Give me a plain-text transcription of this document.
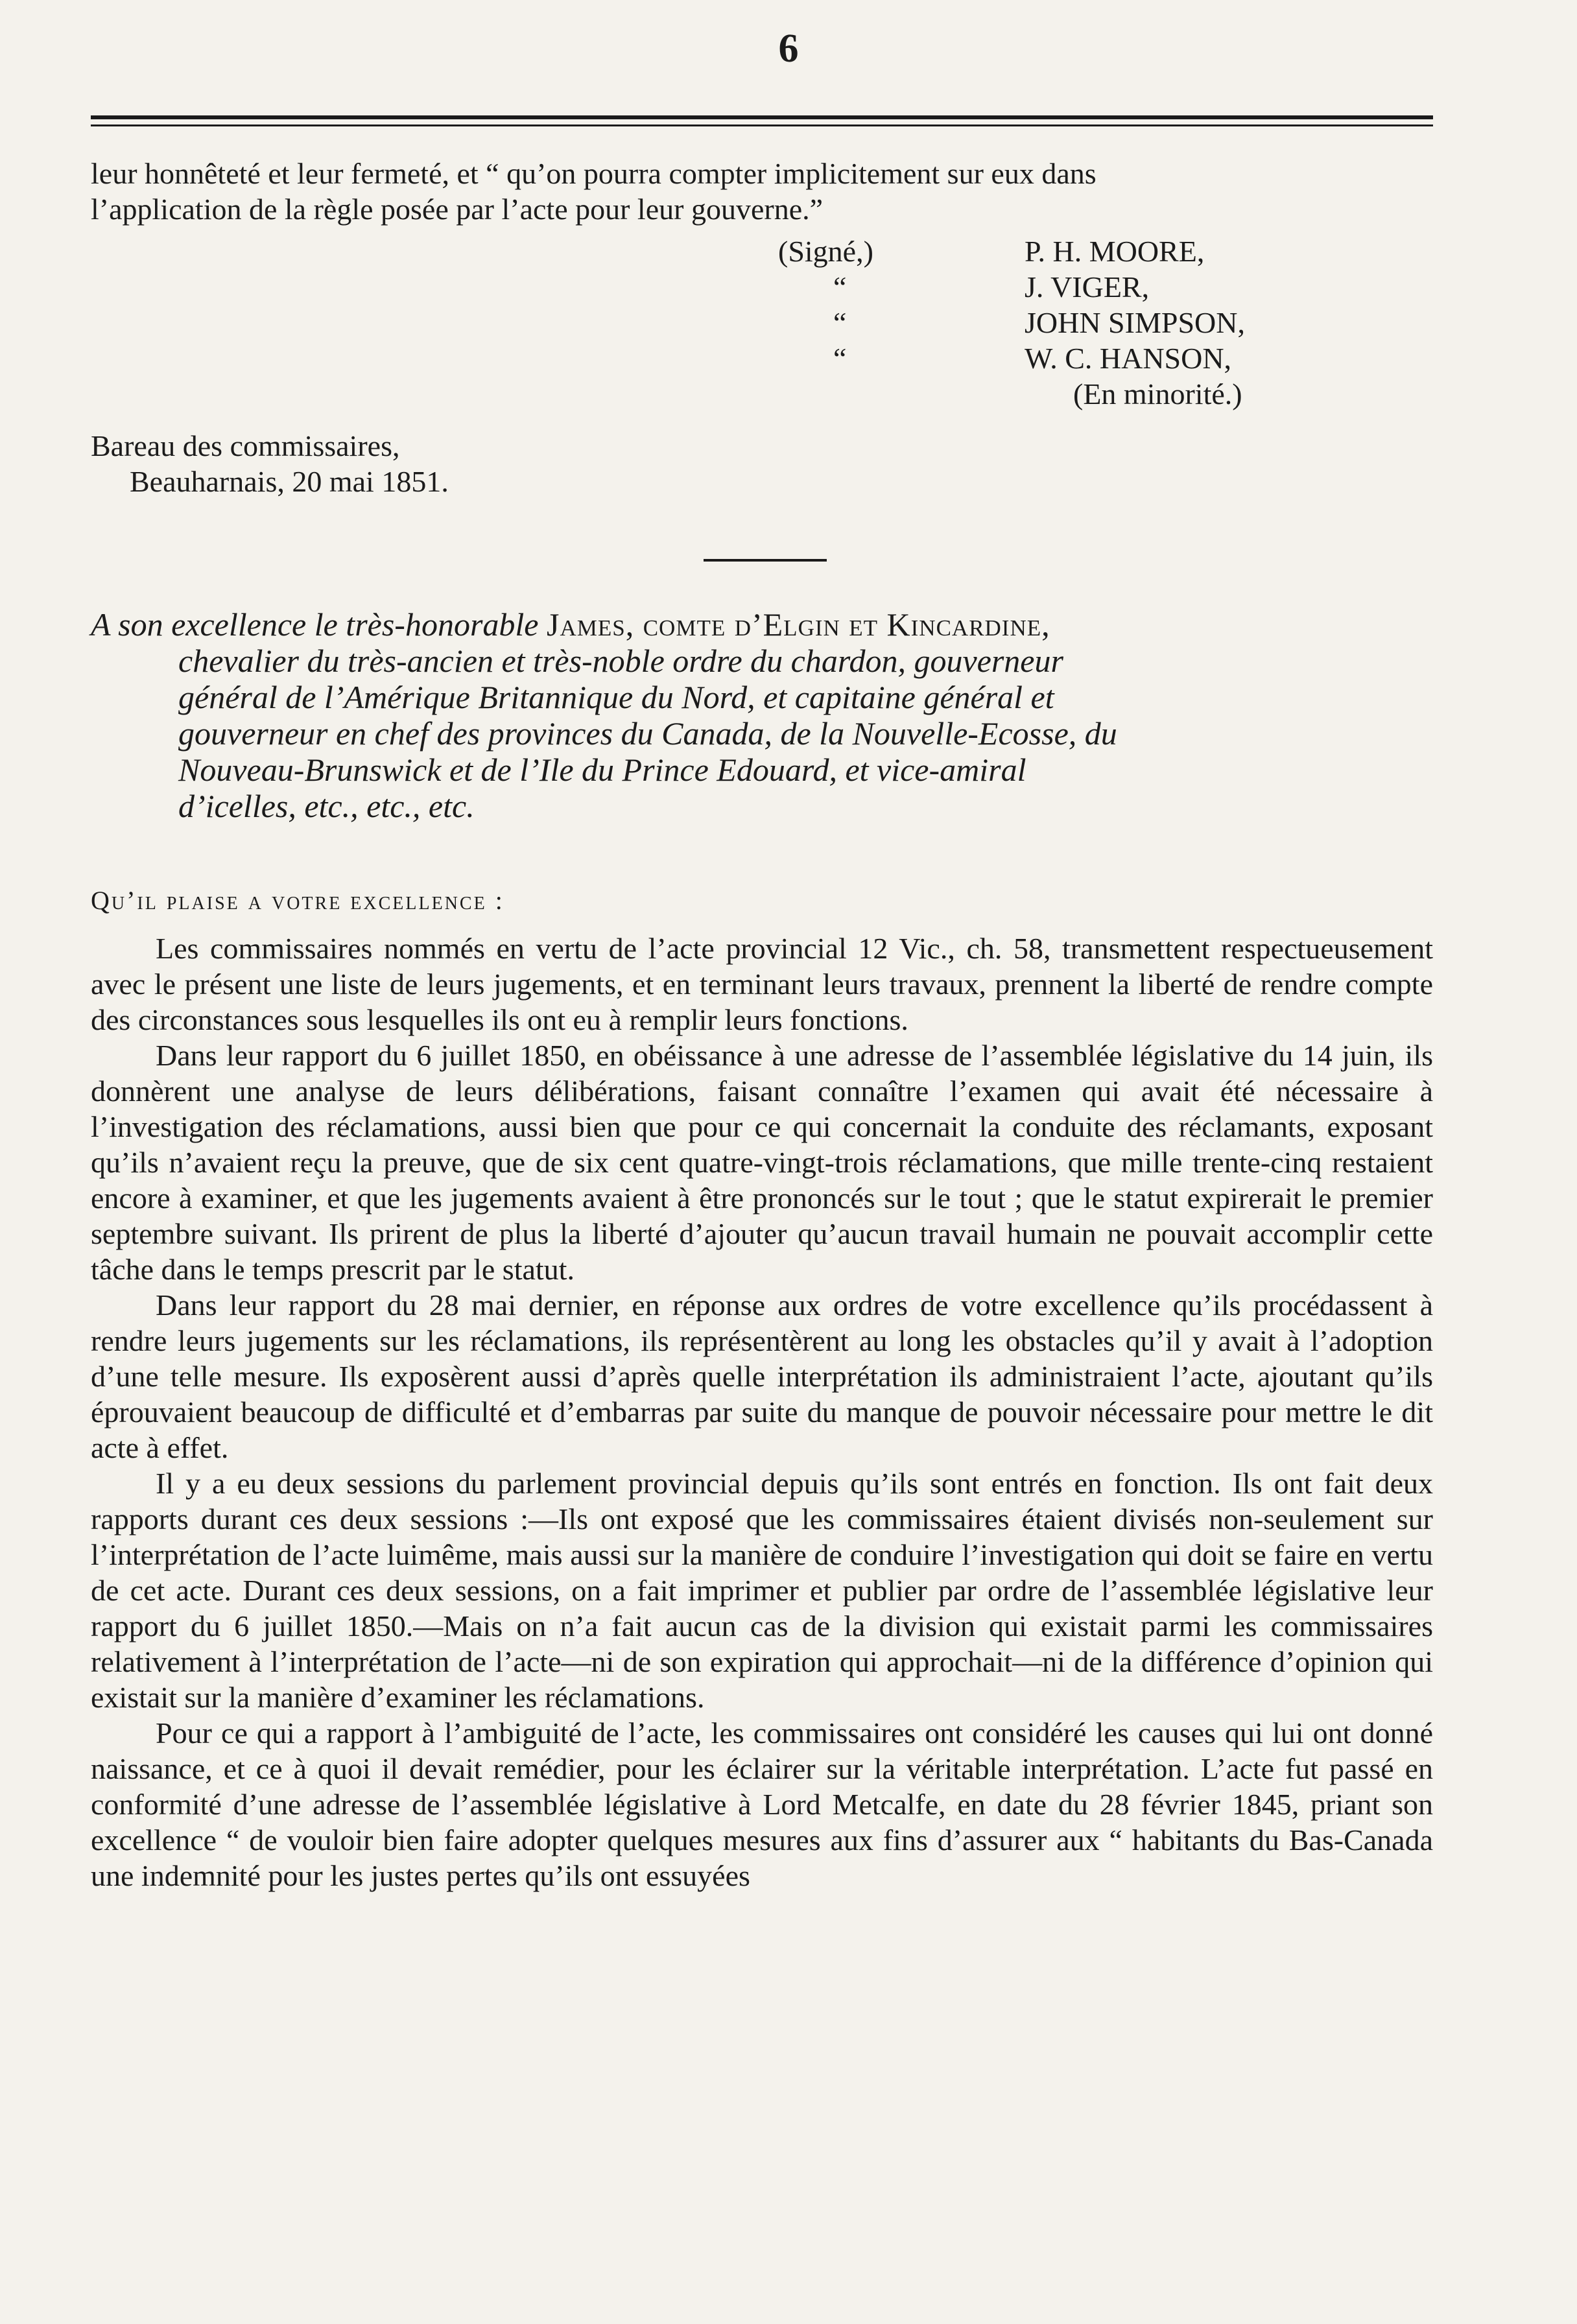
6

leur honnêteté et leur fermeté, et “ qu’on pourra compter implicitement sur eux dans

l’application de la règle posée par l’acte pour leur gouverne.”

(Signé,)	P. H. MOORE,
“	J. VIGER,
“	JOHN SIMPSON,
“	W. C. HANSON,
(En minorité.)
Bareau des commissaires,
Beauharnais, 20 mai 1851.
A son excellence le très-honorable James, comte d’Elgin et Kincardine,
chevalier du très-ancien et très-noble ordre du chardon, gouverneur
général de l’Amérique Britannique du Nord, et capitaine général et
gouverneur en chef des provinces du Canada, de la Nouvelle-Ecosse, du
Nouveau-Brunswick et de l’Ile du Prince Edouard, et vice-amiral
d’icelles, etc., etc., etc.
Qu’il plaise a votre excellence :

Les commissaires nommés en vertu de l’acte provincial 12 Vic., ch. 58, transmettent respectueusement avec le présent une liste de leurs jugements, et en terminant leurs travaux, prennent la liberté de rendre compte des circonstances sous lesquelles ils ont eu à remplir leurs fonctions.

Dans leur rapport du 6 juillet 1850, en obéissance à une adresse de l’assemblée législative du 14 juin, ils donnèrent une analyse de leurs délibérations, faisant connaître l’examen qui avait été nécessaire à l’investigation des réclamations, aussi bien que pour ce qui concernait la conduite des réclamants, exposant qu’ils n’avaient reçu la preuve, que de six cent quatre-vingt-trois réclamations, que mille trente-cinq restaient encore à examiner, et que les jugements avaient à être prononcés sur le tout ; que le statut expirerait le premier septembre suivant. Ils prirent de plus la liberté d’ajouter qu’aucun travail humain ne pouvait accomplir cette tâche dans le temps prescrit par le statut.

Dans leur rapport du 28 mai dernier, en réponse aux ordres de votre excellence qu’ils procédassent à rendre leurs jugements sur les réclamations, ils représentèrent au long les obstacles qu’il y avait à l’adoption d’une telle mesure. Ils exposèrent aussi d’après quelle interprétation ils administraient l’acte, ajoutant qu’ils éprouvaient beaucoup de difficulté et d’embarras par suite du manque de pouvoir nécessaire pour mettre le dit acte à effet.

Il y a eu deux sessions du parlement provincial depuis qu’ils sont entrés en fonction. Ils ont fait deux rapports durant ces deux sessions :—Ils ont exposé que les commissaires étaient divisés non-seulement sur l’interprétation de l’acte luimême, mais aussi sur la manière de conduire l’investigation qui doit se faire en vertu de cet acte. Durant ces deux sessions, on a fait imprimer et publier par ordre de l’assemblée législative leur rapport du 6 juillet 1850.—Mais on n’a fait aucun cas de la division qui existait parmi les commissaires relativement à l’interprétation de l’acte—ni de son expiration qui approchait—ni de la différence d’opinion qui existait sur la manière d’examiner les réclamations.

Pour ce qui a rapport à l’ambiguité de l’acte, les commissaires ont considéré les causes qui lui ont donné naissance, et ce à quoi il devait remédier, pour les éclairer sur la véritable interprétation. L’acte fut passé en conformité d’une adresse de l’assemblée législative à Lord Metcalfe, en date du 28 février 1845, priant son excellence “ de vouloir bien faire adopter quelques mesures aux fins d’assurer aux “ habitants du Bas-Canada une indemnité pour les justes pertes qu’ils ont essuyées
